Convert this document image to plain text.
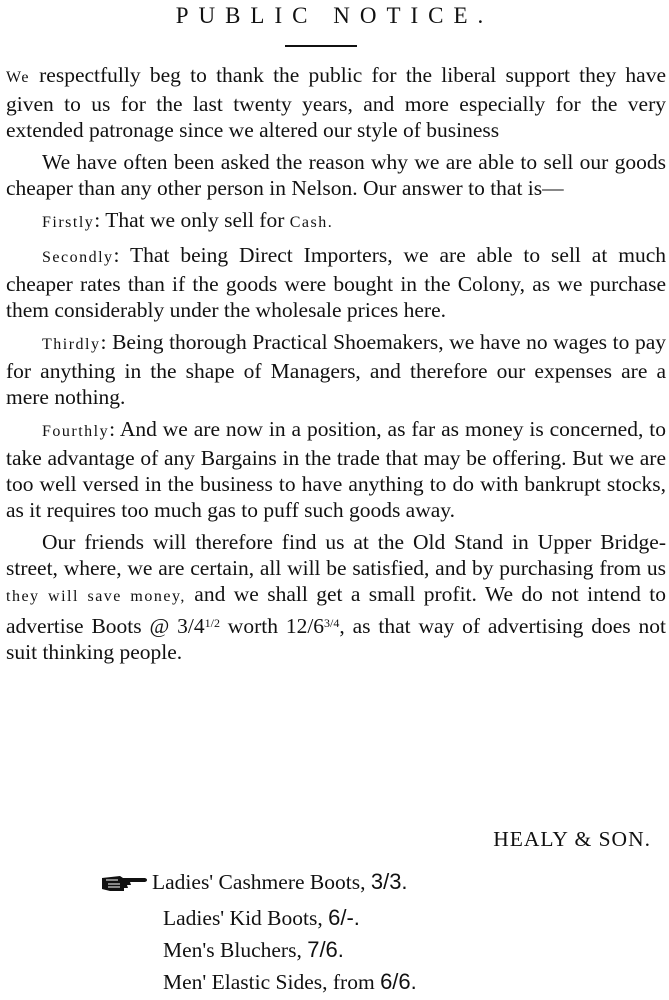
PUBLIC NOTICE.

We respectfully beg to thank the public for the liberal support they have given to us for the last twenty years, and more especially for the very extended patronage since we altered our style of business

We have often been asked the reason why we are able to sell our goods cheaper than any other person in Nelson. Our answer to that is—

Firstly: That we only sell for Cash.

Secondly: That being Direct Importers, we are able to sell at much cheaper rates than if the goods were bought in the Colony, as we purchase them considerably under the wholesale prices here.

Thirdly: Being thorough Practical Shoemakers, we have no wages to pay for anything in the shape of Managers, and therefore our expenses are a mere nothing.

Fourthly: And we are now in a position, as far as money is concerned, to take advantage of any Bargains in the trade that may be offering. But we are too well versed in the business to have anything to do with bankrupt stocks, as it requires too much gas to puff such goods away.

Our friends will therefore find us at the Old Stand in Upper Bridge-street, where, we are certain, all will be satisfied, and by purchasing from us they will save money, and we shall get a small profit. We do not intend to advertise Boots @ $3/4^{1/2}$ worth $12/6^{3/4}$, as that way of advertising does not suit thinking people.

HEALY & SON.
Ladies' Cashmere Boots, 3/3.
Ladies' Kid Boots, 6/-.
Men's Bluchers, 7/6.
Men' Elastic Sides, from 6/6.
